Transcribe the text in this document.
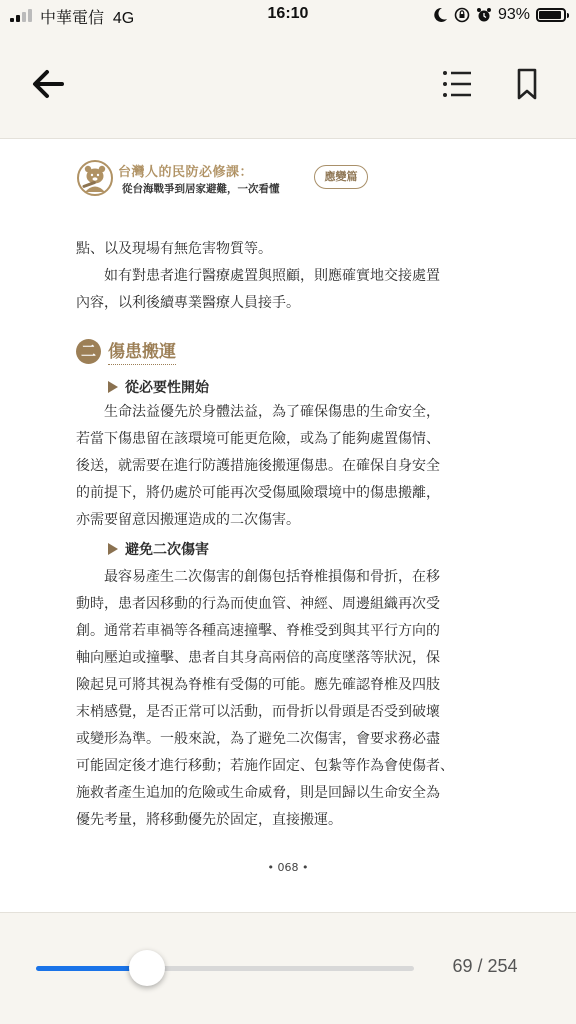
中華電信 4G	16:10	93%
台灣人的民防必修課：
從台海戰爭到居家避難，一次看懂
應變篇
點、以及現場有無危害物質等。
　　如有對患者進行醫療處置與照顧，則應確實地交接處置
內容，以利後續專業醫療人員接手。
二 傷患搬運
從必要性開始
　　生命法益優先於身體法益，為了確保傷患的生命安全，
若當下傷患留在該環境可能更危險，或為了能夠處置傷情、
後送，就需要在進行防護措施後搬運傷患。在確保自身安全
的前提下，將仍處於可能再次受傷風險環境中的傷患搬離，
亦需要留意因搬運造成的二次傷害。
避免二次傷害
　　最容易產生二次傷害的創傷包括脊椎損傷和骨折，在移
動時，患者因移動的行為而使血管、神經、周邊組織再次受
創。通常若車禍等各種高速撞擊、脊椎受到與其平行方向的
軸向壓迫或撞擊、患者自其身高兩倍的高度墜落等狀況，保
險起見可將其視為脊椎有受傷的可能。應先確認脊椎及四肢
末梢感覺，是否正常可以活動，而骨折以骨頭是否受到破壞
或變形為準。一般來說，為了避免二次傷害，會要求務必盡
可能固定後才進行移動；若施作固定、包紮等作為會使傷者、
施救者產生追加的危險或生命威脅，則是回歸以生命安全為
優先考量，將移動優先於固定，直接搬運。
• 068 •
69 / 254
